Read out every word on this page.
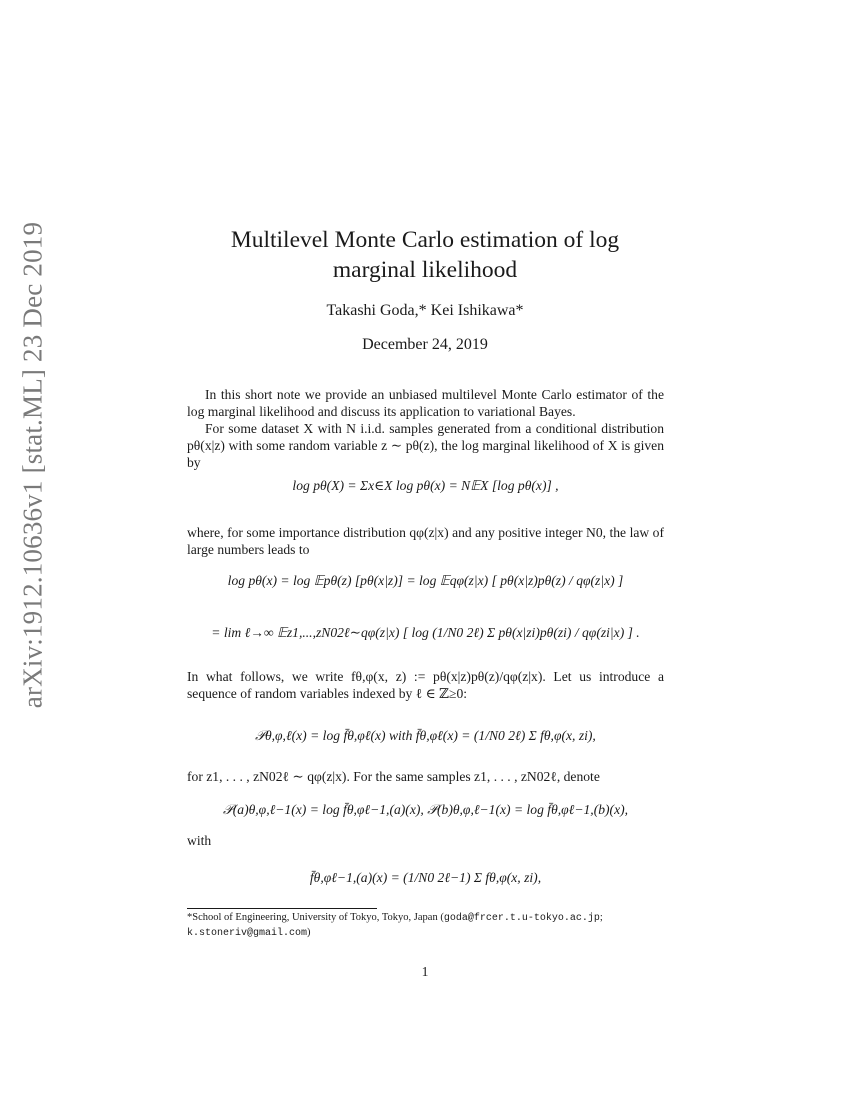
arXiv:1912.10636v1 [stat.ML] 23 Dec 2019	Multilevel Monte Carlo estimation of log
marginal likelihood
Takashi Goda,* Kei Ishikawa*
December 24, 2019
In this short note we provide an unbiased multilevel Monte Carlo estimator of the log marginal likelihood and discuss its application to variational Bayes.
For some dataset X with N i.i.d. samples generated from a conditional distribution pθ(x|z) with some random variable z ∼ pθ(z), the log marginal likelihood of X is given by
log pθ(X) = Σx∈X log pθ(x) = N𝔼X [log pθ(x)] ,
where, for some importance distribution qφ(z|x) and any positive integer N0, the law of large numbers leads to
log pθ(x) = log 𝔼pθ(z) [pθ(x|z)] = log 𝔼qφ(z|x) [ pθ(x|z)pθ(z) / qφ(z|x) ]
= lim ℓ→∞ 𝔼z1,...,zN02ℓ∼qφ(z|x) [ log (1/N0 2ℓ) Σ pθ(x|zi)pθ(zi) / qφ(zi|x) ] .
In what follows, we write fθ,φ(x, z) := pθ(x|z)pθ(z)/qφ(z|x). Let us introduce a sequence of random variables indexed by ℓ ∈ ℤ≥0:
𝒫θ,φ,ℓ(x) = log f̄θ,φℓ(x) with f̄θ,φℓ(x) = (1/N0 2ℓ) Σ fθ,φ(x, zi),
for z1, . . . , zN02ℓ ∼ qφ(z|x). For the same samples z1, . . . , zN02ℓ, denote
𝒫(a)θ,φ,ℓ−1(x) = log f̄θ,φℓ−1,(a)(x), 𝒫(b)θ,φ,ℓ−1(x) = log f̄θ,φℓ−1,(b)(x),
with
f̄θ,φℓ−1,(a)(x) = (1/N0 2ℓ−1) Σ fθ,φ(x, zi),
*School of Engineering, University of Tokyo, Tokyo, Japan (goda@frcer.t.u-tokyo.ac.jp; k.stoneriv@gmail.com)
1
